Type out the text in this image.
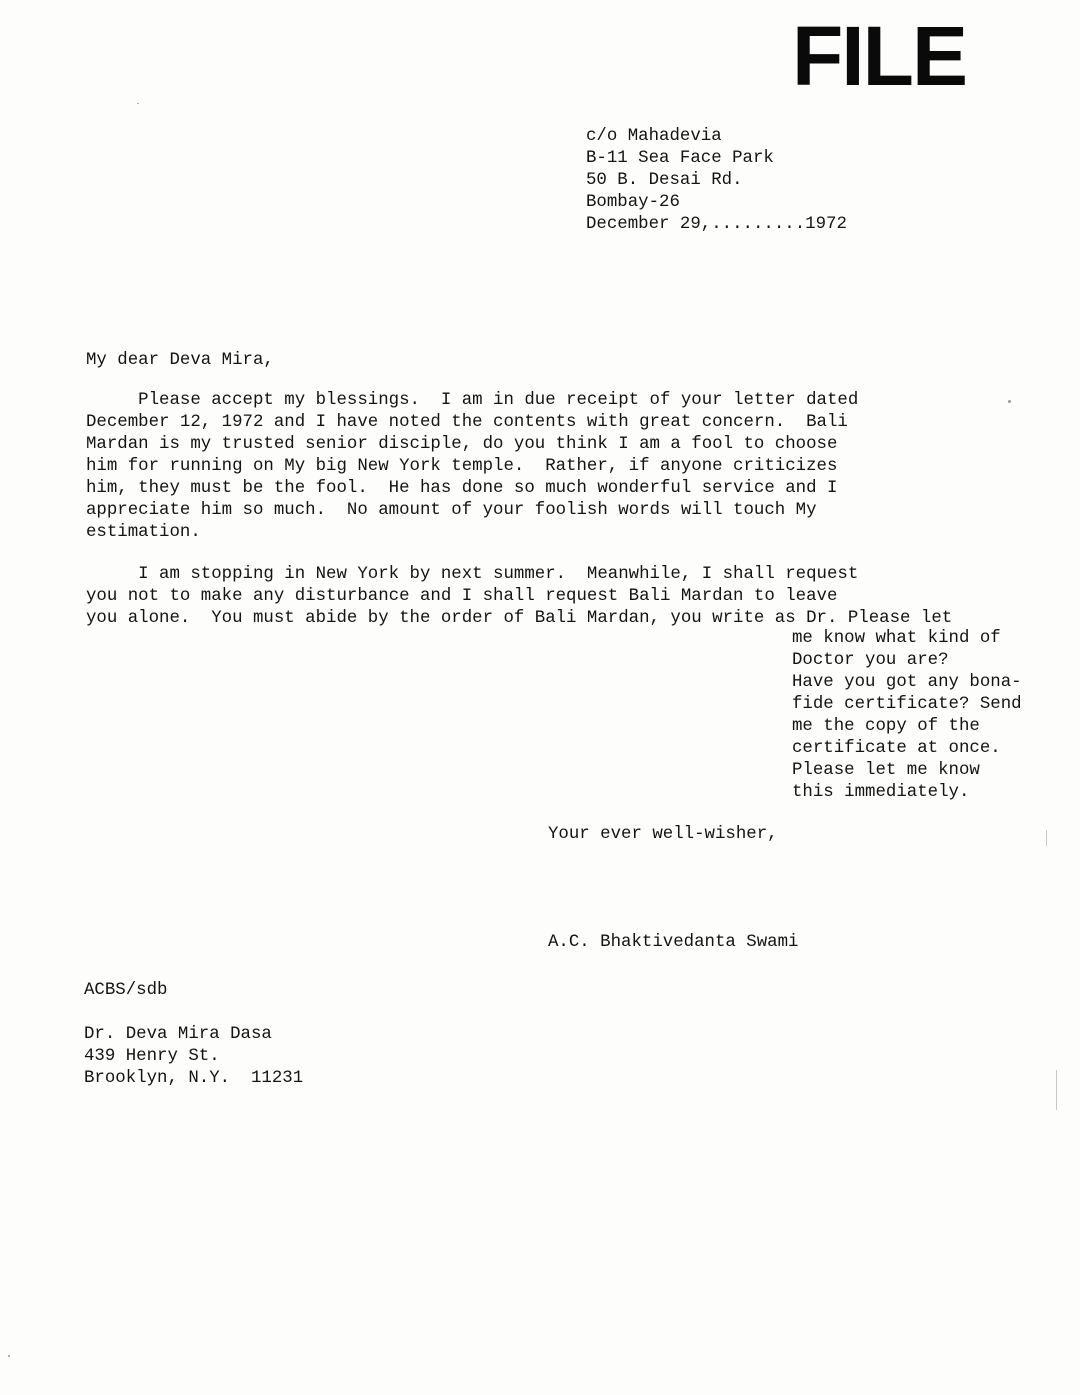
FILE
c/o Mahadevia
B-11 Sea Face Park
50 B. Desai Rd.
Bombay-26
December 29,.........1972
My dear Deva Mira,
Please accept my blessings.  I am in due receipt of your letter dated
December 12, 1972 and I have noted the contents with great concern.  Bali
Mardan is my trusted senior disciple, do you think I am a fool to choose
him for running on My big New York temple.  Rather, if anyone criticizes
him, they must be the fool.  He has done so much wonderful service and I
appreciate him so much.  No amount of your foolish words will touch My
estimation.
I am stopping in New York by next summer.  Meanwhile, I shall request
you not to make any disturbance and I shall request Bali Mardan to leave
you alone.  You must abide by the order of Bali Mardan, you write as Dr. Please let
me know what kind of
Doctor you are?
Have you got any bona-
fide certificate? Send
me the copy of the
certificate at once.
Please let me know
this immediately.
Your ever well-wisher,
A.C. Bhaktivedanta Swami
ACBS/sdb
Dr. Deva Mira Dasa
439 Henry St.
Brooklyn, N.Y.  11231
